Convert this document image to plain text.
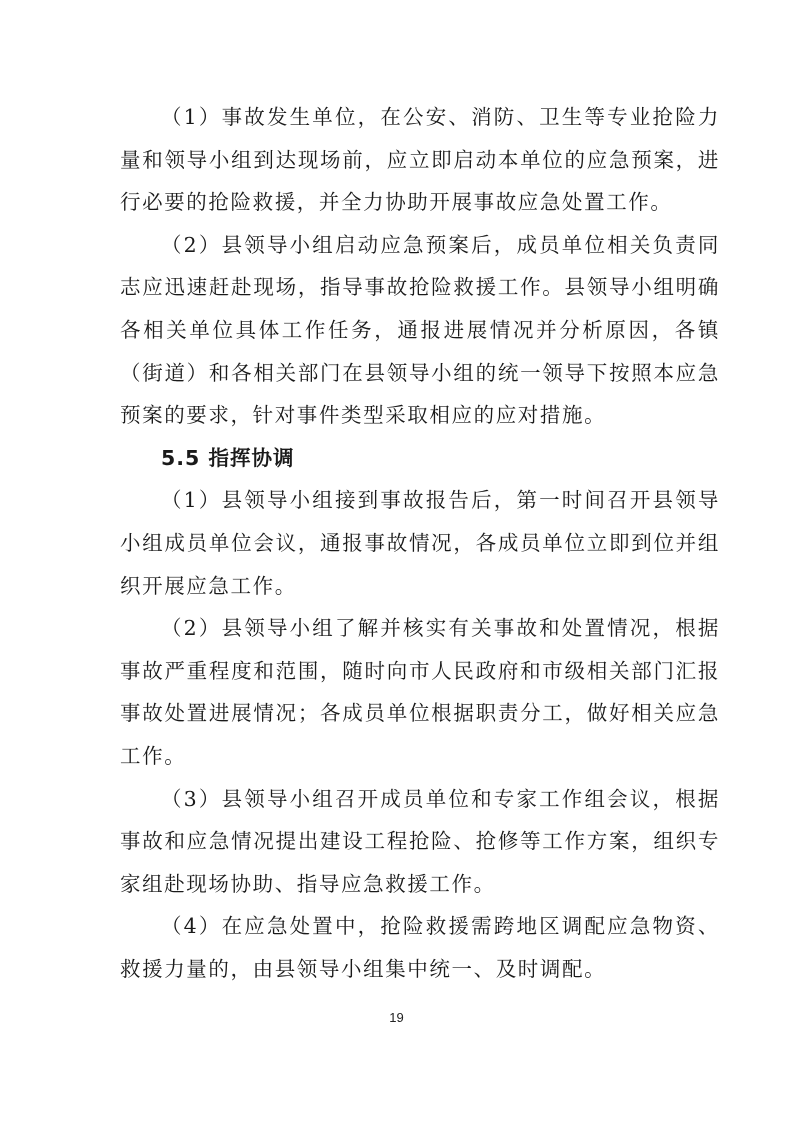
（1）事故发生单位，在公安、消防、卫生等专业抢险力量和领导小组到达现场前，应立即启动本单位的应急预案，进行必要的抢险救援，并全力协助开展事故应急处置工作。

（2）县领导小组启动应急预案后，成员单位相关负责同志应迅速赶赴现场，指导事故抢险救援工作。县领导小组明确各相关单位具体工作任务，通报进展情况并分析原因，各镇（街道）和各相关部门在县领导小组的统一领导下按照本应急预案的要求，针对事件类型采取相应的应对措施。

5.5 指挥协调

（1）县领导小组接到事故报告后，第一时间召开县领导小组成员单位会议，通报事故情况，各成员单位立即到位并组织开展应急工作。

（2）县领导小组了解并核实有关事故和处置情况，根据事故严重程度和范围，随时向市人民政府和市级相关部门汇报事故处置进展情况；各成员单位根据职责分工，做好相关应急工作。

（3）县领导小组召开成员单位和专家工作组会议，根据事故和应急情况提出建设工程抢险、抢修等工作方案，组织专家组赴现场协助、指导应急救援工作。

（4）在应急处置中，抢险救援需跨地区调配应急物资、救援力量的，由县领导小组集中统一、及时调配。

19
